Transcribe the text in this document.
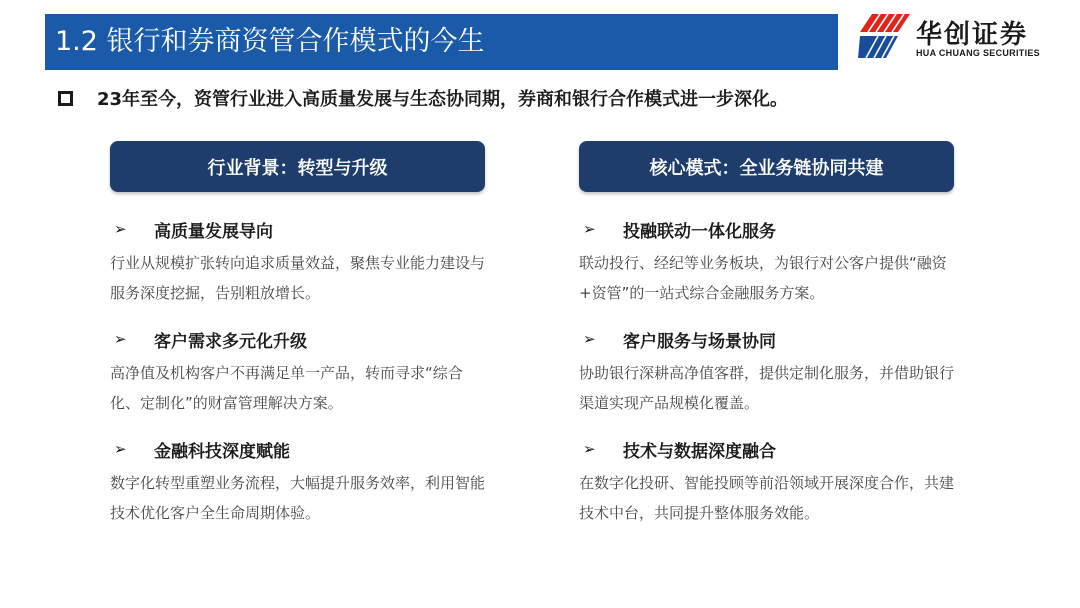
1.2 银行和券商资管合作模式的今生	华创证券
HUA CHUANG SECURITIES
23年至今，资管行业进入高质量发展与生态协同期，券商和银行合作模式进一步深化。
行业背景：转型与升级
➢	高质量发展导向
行业从规模扩张转向追求质量效益，聚焦专业能力建设与服务深度挖掘，告别粗放增长。
➢	客户需求多元化升级
高净值及机构客户不再满足单一产品，转而寻求“综合化、定制化”的财富管理解决方案。
➢	金融科技深度赋能
数字化转型重塑业务流程，大幅提升服务效率，利用智能技术优化客户全生命周期体验。
核心模式：全业务链协同共建
➢	投融联动一体化服务
联动投行、经纪等业务板块，为银行对公客户提供“融资+资管”的一站式综合金融服务方案。
➢	客户服务与场景协同
协助银行深耕高净值客群，提供定制化服务，并借助银行渠道实现产品规模化覆盖。
➢	技术与数据深度融合
在数字化投研、智能投顾等前沿领域开展深度合作，共建技术中台，共同提升整体服务效能。
